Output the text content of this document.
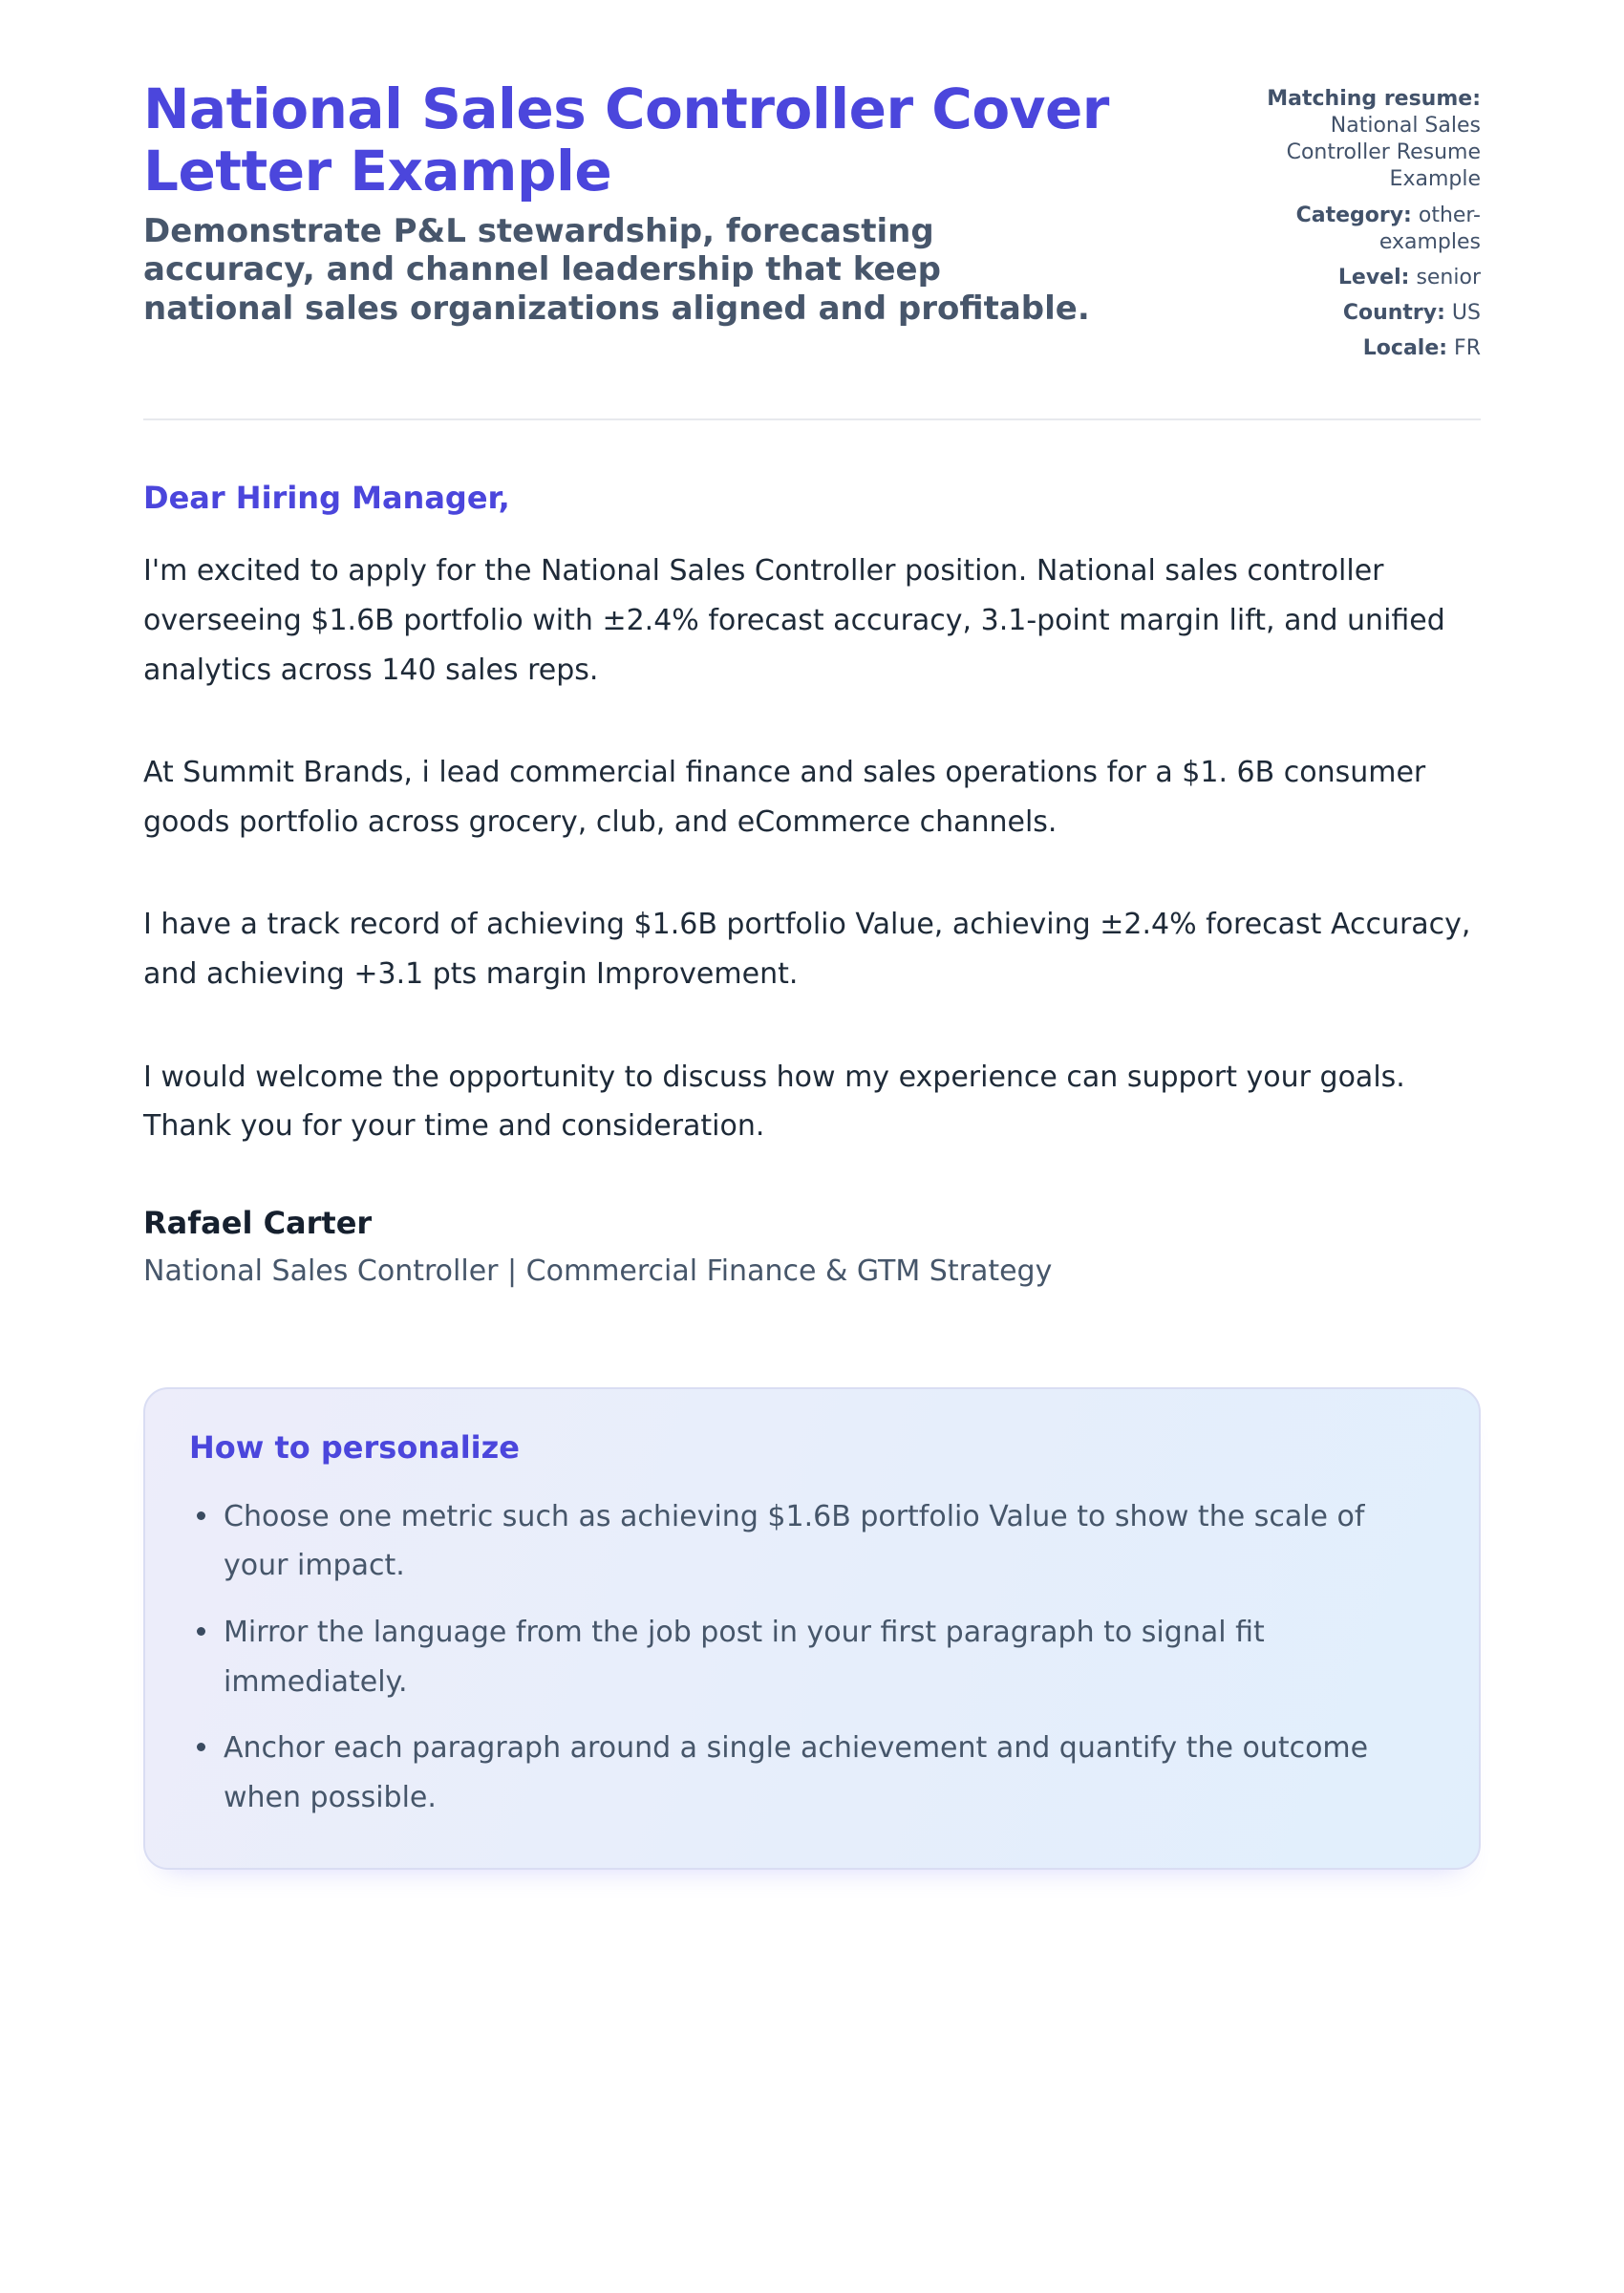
National Sales Controller Cover
Letter Example
Demonstrate P&L stewardship, forecasting
accuracy, and channel leadership that keep
national sales organizations aligned and profitable.

Matching resume: National Sales Controller Resume Example

Category: other-examples

Level: senior

Country: US

Locale: FR

Dear Hiring Manager,

I'm excited to apply for the National Sales Controller position. National sales controller overseeing $1.6B portfolio with ±2.4% forecast accuracy, 3.1-point margin lift, and unified analytics across 140 sales reps.

At Summit Brands, i lead commercial finance and sales operations for a $1. 6B consumer goods portfolio across grocery, club, and eCommerce channels.

I have a track record of achieving $1.6B portfolio Value, achieving ±2.4% forecast Accuracy, and achieving +3.1 pts margin Improvement.

I would welcome the opportunity to discuss how my experience can support your goals. Thank you for your time and consideration.

Rafael Carter

National Sales Controller | Commercial Finance & GTM Strategy

How to personalize
Choose one metric such as achieving $1.6B portfolio Value to show the scale of your impact.
Mirror the language from the job post in your first paragraph to signal fit immediately.
Anchor each paragraph around a single achievement and quantify the outcome when possible.
